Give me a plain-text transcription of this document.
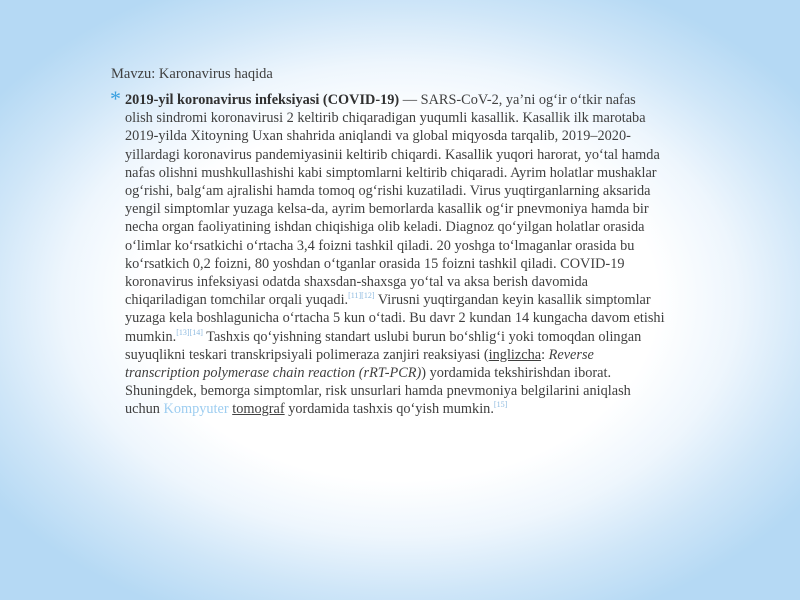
Mavzu: Karonavirus haqida
* 2019-yil koronavirus infeksiyasi (COVID-19) — SARS-CoV-2, ya’ni og‘ir o‘tkir nafas olish sindromi koronavirusi 2 keltirib chiqaradigan yuqumli kasallik. Kasallik ilk marotaba 2019-yilda Xitoyning Uxan shahrida aniqlandi va global miqyosda tarqalib, 2019–2020-yillardagi koronavirus pandemiyasinii keltirib chiqardi. Kasallik yuqori harorat, yo‘tal hamda nafas olishni mushkullashishi kabi simptomlarni keltirib chiqaradi. Ayrim holatlar mushaklar og‘rishi, balg‘am ajralishi hamda tomoq og‘rishi kuzatiladi. Virus yuqtirganlarning aksarida yengil simptomlar yuzaga kelsa-da, ayrim bemorlarda kasallik og‘ir pnevmoniya hamda bir necha organ faoliyatining ishdan chiqishiga olib keladi. Diagnoz qo‘yilgan holatlar orasida o‘limlar ko‘rsatkichi o‘rtacha 3,4 foizni tashkil qiladi. 20 yoshga to‘lmaganlar orasida bu ko‘rsatkich 0,2 foizni, 80 yoshdan o‘tganlar orasida 15 foizni tashkil qiladi. COVID-19 koronavirus infeksiyasi odatda shaxsdan-shaxsga yo‘tal va aksa berish davomida chiqariladigan tomchilar orqali yuqadi.[11][12] Virusni yuqtirgandan keyin kasallik simptomlar yuzaga kela boshlagunicha o‘rtacha 5 kun o‘tadi. Bu davr 2 kundan 14 kungacha davom etishi mumkin.[13][14] Tashxis qo‘yishning standart uslubi burun bo‘shlig‘i yoki tomoqdan olingan suyuqlikni teskari transkripsiyali polimeraza zanjiri reaksiyasi (inglizcha: Reverse transcription polymerase chain reaction (rRT-PCR)) yordamida tekshirishdan iborat. Shuningdek, bemorga simptomlar, risk unsurlari hamda pnevmoniya belgilarini aniqlash uchun Kompyuter tomograf yordamida tashxis qo‘yish mumkin.[15]
